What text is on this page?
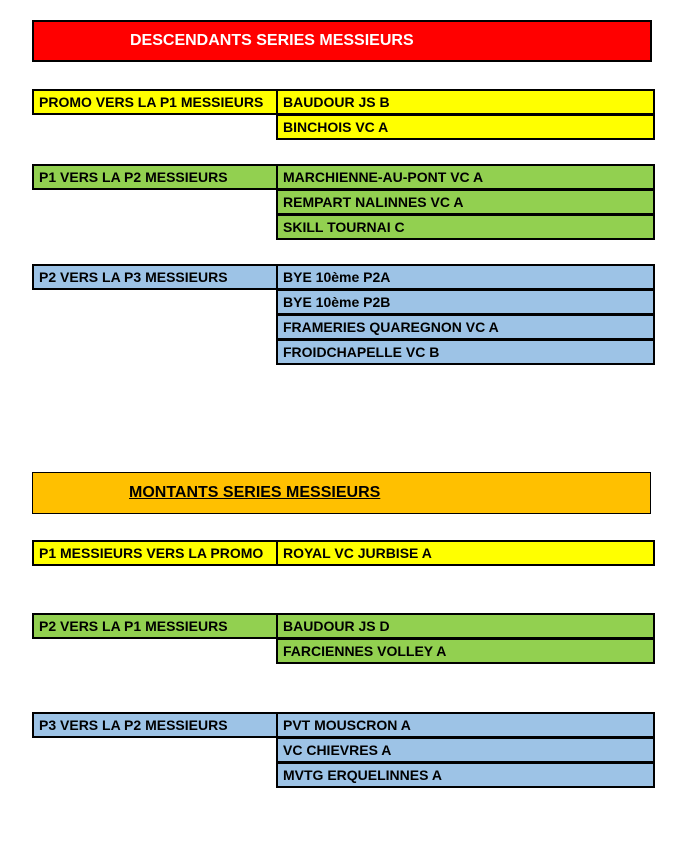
DESCENDANTS SERIES MESSIEURS
PROMO VERS LA P1 MESSIEURS	BAUDOUR JS B
BINCHOIS VC A
P1 VERS LA P2 MESSIEURS	MARCHIENNE-AU-PONT VC A
REMPART NALINNES VC A
SKILL TOURNAI C
P2 VERS LA P3 MESSIEURS	BYE 10ème P2A
BYE 10ème P2B
FRAMERIES QUAREGNON VC A
FROIDCHAPELLE VC B
MONTANTS SERIES MESSIEURS
P1 MESSIEURS VERS LA PROMO	ROYAL VC JURBISE A
P2 VERS LA P1 MESSIEURS	BAUDOUR JS D
FARCIENNES VOLLEY A
P3 VERS LA P2 MESSIEURS	PVT MOUSCRON A
VC CHIEVRES A
MVTG ERQUELINNES A
